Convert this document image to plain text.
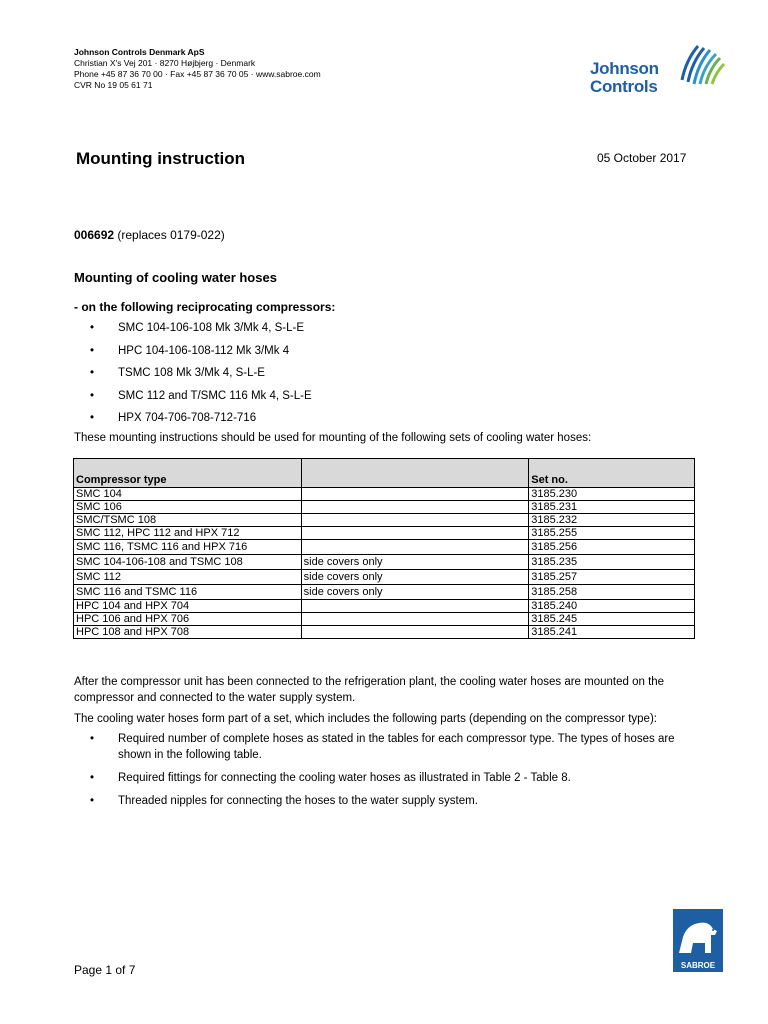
Johnson Controls Denmark ApS
Christian X's Vej 201 · 8270 Højbjerg · Denmark
Phone +45 87 36 70 00 · Fax +45 87 36 70 05 · www.sabroe.com
CVR No 19 05 61 71
Johnson
Controls
Mounting instruction	05 October 2017
006692 (replaces 0179-022)
Mounting of cooling water hoses
- on the following reciprocating compressors:
• SMC 104-106-108 Mk 3/Mk 4, S-L-E
• HPC 104-106-108-112 Mk 3/Mk 4
• TSMC 108 Mk 3/Mk 4, S-L-E
• SMC 112 and T/SMC 116 Mk 4, S-L-E
• HPX 704-706-708-712-716
These mounting instructions should be used for mounting of the following sets of cooling water hoses:
Compressor type		Set no.
SMC 104		3185.230
SMC 106		3185.231
SMC/TSMC 108		3185.232
SMC 112, HPC 112 and HPX 712		3185.255
SMC 116, TSMC 116 and HPX 716		3185.256
SMC 104-106-108 and TSMC 108	side covers only	3185.235
SMC 112	side covers only	3185.257
SMC 116 and TSMC 116	side covers only	3185.258
HPC 104 and HPX 704		3185.240
HPC 106 and HPX 706		3185.245
HPC 108 and HPX 708		3185.241
After the compressor unit has been connected to the refrigeration plant, the cooling water hoses are mounted on the compressor and connected to the water supply system.
The cooling water hoses form part of a set, which includes the following parts (depending on the compressor type):
• Required number of complete hoses as stated in the tables for each compressor type. The types of hoses are shown in the following table.
• Required fittings for connecting the cooling water hoses as illustrated in Table 2 - Table 8.
• Threaded nipples for connecting the hoses to the water supply system.
SABROE
Page 1 of 7
